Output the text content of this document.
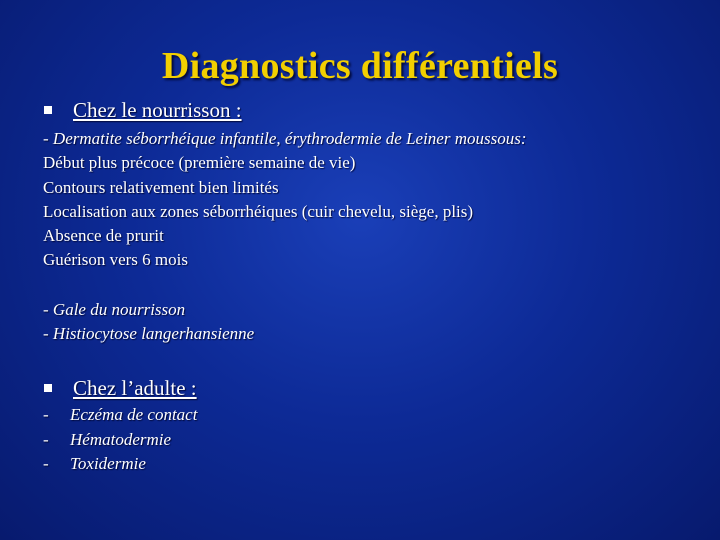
Diagnostics différentiels
Chez le nourrisson :
- Dermatite séborrhéique infantile, érythrodermie de Leiner moussous:
Début plus précoce (première semaine de vie)
Contours relativement bien limités
Localisation aux zones séborrhéiques (cuir chevelu, siège, plis)
Absence de prurit
Guérison vers 6 mois
- Gale du nourrisson
- Histiocytose langerhansienne
Chez l’adulte :
- Eczéma de contact
- Hématodermie
- Toxidermie
